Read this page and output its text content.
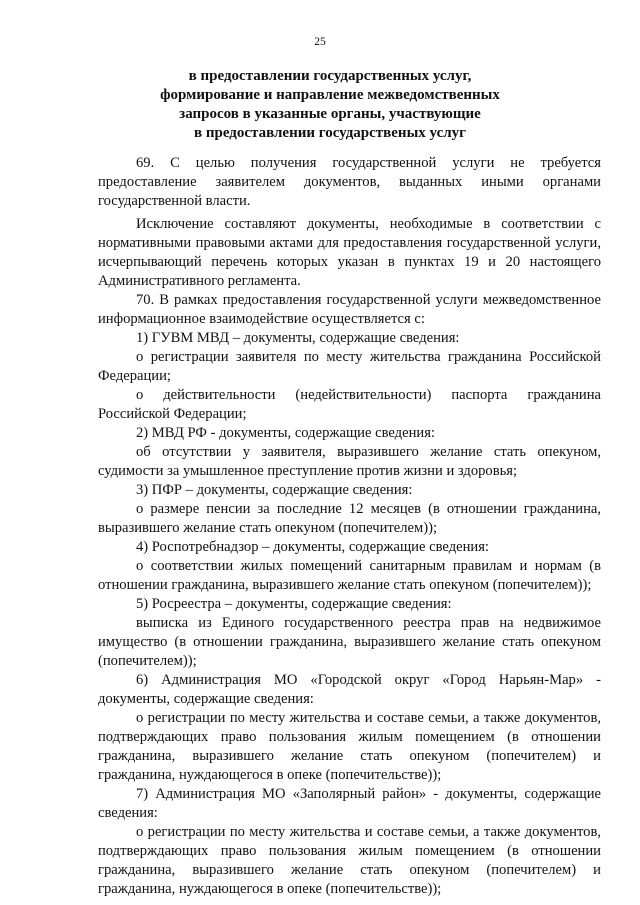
25
в предоставлении государственных услуг,
формирование и направление межведомственных
запросов в указанные органы, участвующие
в предоставлении государственых услуг

69. С целью получения государственной услуги не требуется предоставление заявителем документов, выданных иными органами государственной власти.

Исключение составляют документы, необходимые в соответствии с нормативными правовыми актами для предоставления государственной услуги, исчерпывающий перечень которых указан в пунктах 19 и 20 настоящего Административного регламента.

70. В рамках предоставления государственной услуги межведомственное информационное взаимодействие осуществляется с:

1) ГУВМ МВД – документы, содержащие сведения:

о регистрации заявителя по месту жительства гражданина Российской Федерации;

о действительности (недействительности) паспорта гражданина Российской Федерации;

2) МВД РФ - документы, содержащие сведения:

об отсутствии у заявителя, выразившего желание стать опекуном, судимости за умышленное преступление против жизни и здоровья;

3) ПФР – документы, содержащие сведения:

о размере пенсии за последние 12 месяцев (в отношении гражданина, выразившего желание стать опекуном (попечителем));

4) Роспотребнадзор – документы, содержащие сведения:

о соответствии жилых помещений санитарным правилам и нормам (в отношении гражданина, выразившего желание стать опекуном (попечителем));

5) Росреестра – документы, содержащие сведения:

выписка из Единого государственного реестра прав на недвижимое имущество (в отношении гражданина, выразившего желание стать опекуном (попечителем));

6) Администрация МО «Городской округ «Город Нарьян-Мар» - документы, содержащие сведения:

о регистрации по месту жительства и составе семьи, а также документов, подтверждающих право пользования жилым помещением (в отношении гражданина, выразившего желание стать опекуном (попечителем) и гражданина, нуждающегося в опеке (попечительстве));

7) Администрация МО «Заполярный район» - документы, содержащие сведения:

о регистрации по месту жительства и составе семьи, а также документов, подтверждающих право пользования жилым помещением (в отношении гражданина, выразившего желание стать опекуном (попечителем) и гражданина, нуждающегося в опеке (попечительстве));
